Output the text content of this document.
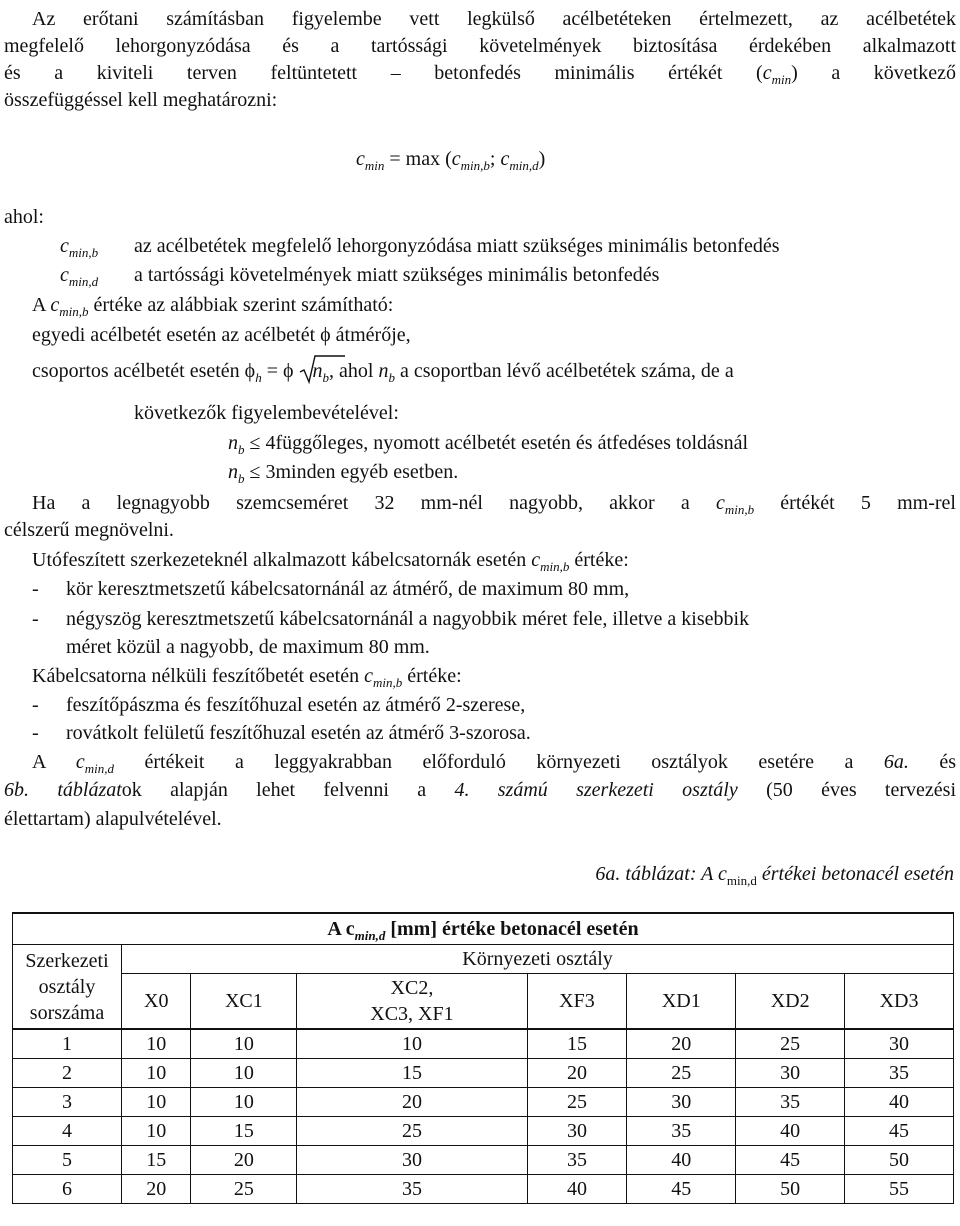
Az erőtani számításban figyelembe vett legkülső acélbetéteken értelmezett, az acélbetétek
megfelelő lehorgonyzódása és a tartóssági követelmények biztosítása érdekében alkalmazott
és a kiviteli terven feltüntetett – betonfedés minimális értékét $(c_{min})$ a következő
összefüggéssel kell meghatározni:
$c_{min} = \max (c_{min,b}$; $c_{min,d}$)
ahol:
$c_{min,b}$ az acélbetétek megfelelő lehorgonyzódása miatt szükséges minimális betonfedés
$c_{min,d}$ a tartóssági követelmények miatt szükséges minimális betonfedés
A $c_{min,b}$ értéke az alábbiak szerint számítható:
egyedi acélbetét esetén az acélbetét ϕ átmérője,
csoportos acélbetét esetén $\phi_h = \phi$
$n_b$, ahol $n_b$ a csoportban lévő acélbetétek száma, de a
következők figyelembevételével:
$n_b$ ≤ 4függőleges, nyomott acélbetét esetén és átfedéses toldásnál
$n_b$ ≤ 3minden egyéb esetben.
Ha a legnagyobb szemcseméret 32 mm-nél nagyobb, akkor a $c_{min,b}$ értékét 5 mm-rel
célszerű megnövelni.
Utófeszített szerkezeteknél alkalmazott kábelcsatornák esetén $c_{min,b}$ értéke:
- kör keresztmetszetű kábelcsatornánál az átmérő, de maximum 80 mm,
- négyszög keresztmetszetű kábelcsatornánál a nagyobbik méret fele, illetve a kisebbik
méret közül a nagyobb, de maximum 80 mm.
Kábelcsatorna nélküli feszítőbetét esetén $c_{min,b}$ értéke:
- feszítőpászma és feszítőhuzal esetén az átmérő 2-szerese,
- rovátkolt felületű feszítőhuzal esetén az átmérő 3-szorosa.
A $c_{min,d}$ értékeit a leggyakrabban előforduló környezeti osztályok esetére a 6a. és
6b. táblázatok alapján lehet felvenni a 4. számú szerkezeti osztály (50 éves tervezési
élettartam) alapulvételével.
6a. táblázat: A $c_{min,d}$ értékei betonacél esetén
A $c_{min,d}$ [mm] értéke betonacél esetén							

Szerkezeti
osztály
sorszáma	Környezeti osztály						
	X0	XC1	XC2,
XC3, XF1	XF3	XD1	XD2	XD3
1	10	10	10	15	20	25	30
2	10	10	15	20	25	30	35
3	10	10	20	25	30	35	40
4	10	15	25	30	35	40	45
5	15	20	30	35	40	45	50
6	20	25	35	40	45	50	55
